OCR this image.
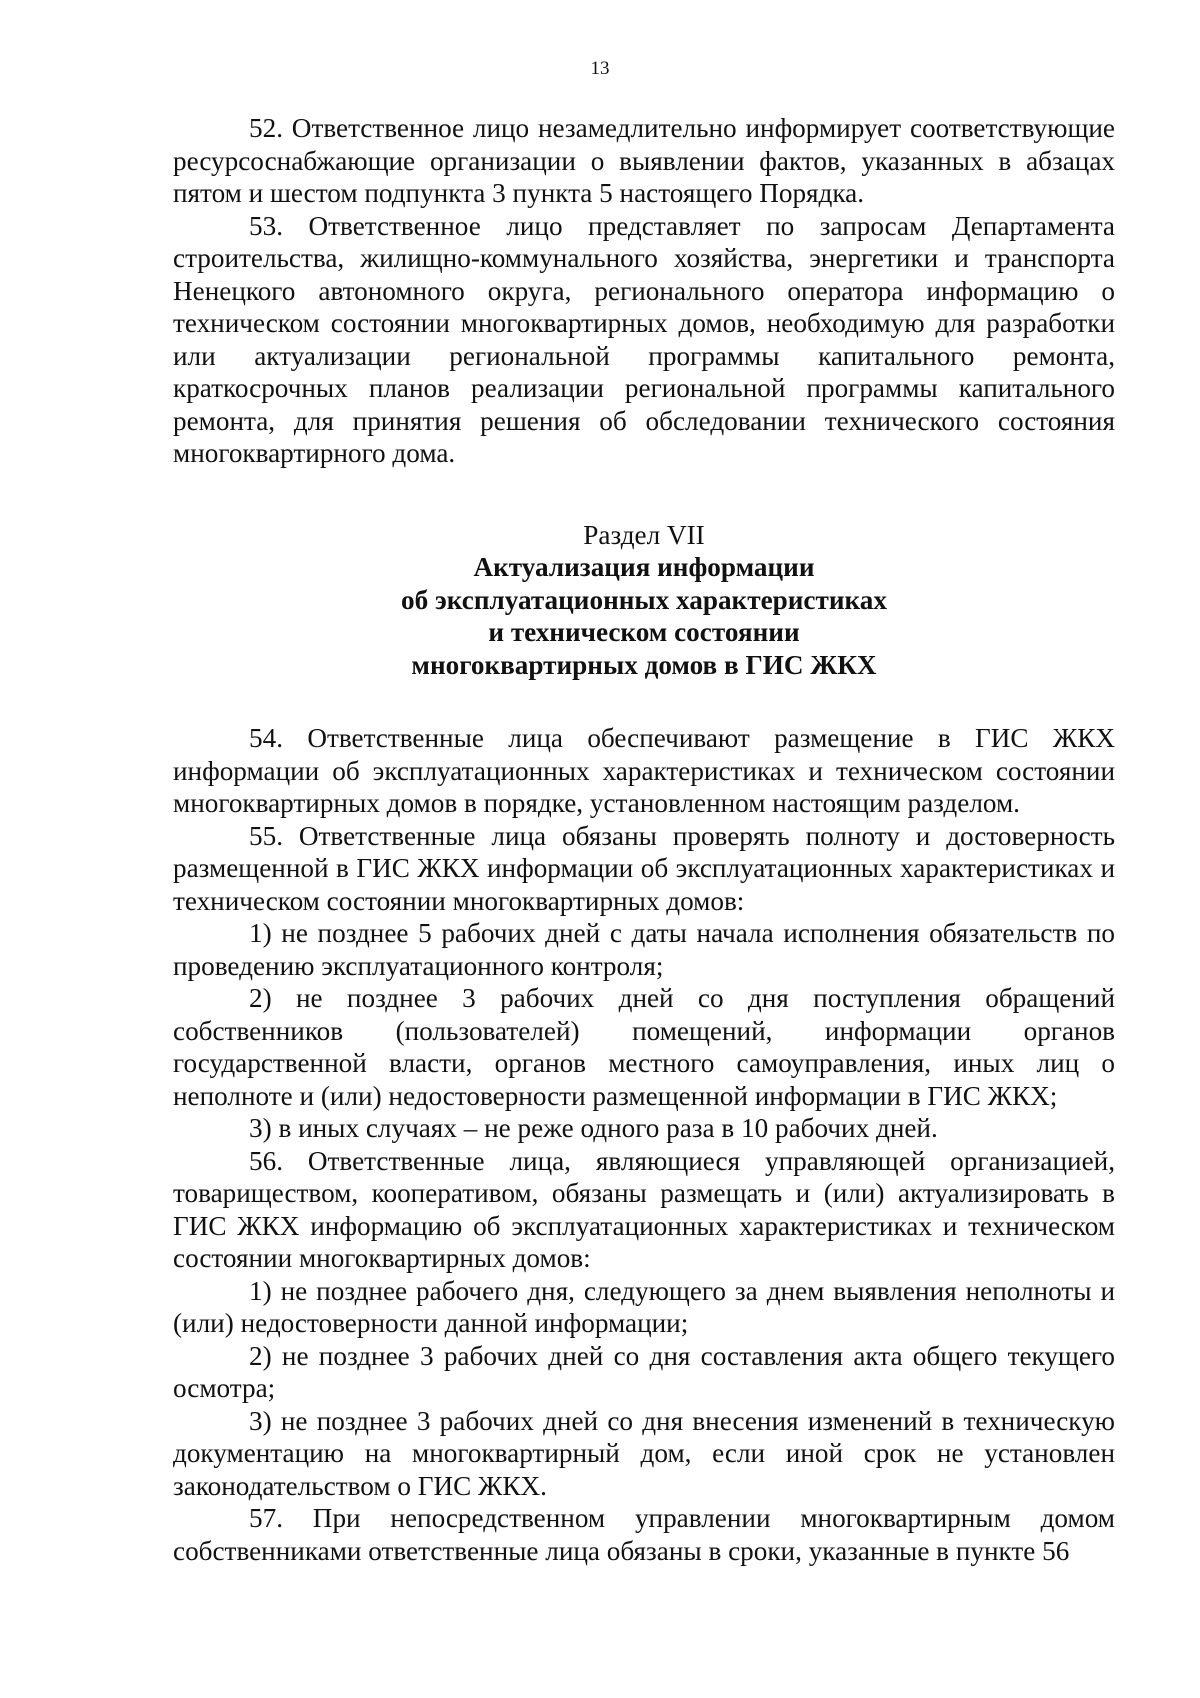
13

52. Ответственное лицо незамедлительно информирует соответствующие ресурсоснабжающие организации о выявлении фактов, указанных в абзацах пятом и шестом подпункта 3 пункта 5 настоящего Порядка.

53. Ответственное лицо представляет по запросам Департамента строительства, жилищно-коммунального хозяйства, энергетики и транспорта Ненецкого автономного округа, регионального оператора информацию о техническом состоянии многоквартирных домов, необходимую для разработки или актуализации региональной программы капитального ремонта, краткосрочных планов реализации региональной программы капитального ремонта, для принятия решения об обследовании технического состояния многоквартирного дома.

Раздел VII
Актуализация информации
об эксплуатационных характеристиках
и техническом состоянии
многоквартирных домов в ГИС ЖКХ

54. Ответственные лица обеспечивают размещение в ГИС ЖКХ информации об эксплуатационных характеристиках и техническом состоянии многоквартирных домов в порядке, установленном настоящим разделом.

55. Ответственные лица обязаны проверять полноту и достоверность размещенной в ГИС ЖКХ информации об эксплуатационных характеристиках и техническом состоянии многоквартирных домов:

1) не позднее 5 рабочих дней с даты начала исполнения обязательств по проведению эксплуатационного контроля;

2) не позднее 3 рабочих дней со дня поступления обращений собственников (пользователей) помещений, информации органов государственной власти, органов местного самоуправления, иных лиц о неполноте и (или) недостоверности размещенной информации в ГИС ЖКХ;

3) в иных случаях – не реже одного раза в 10 рабочих дней.

56. Ответственные лица, являющиеся управляющей организацией, товариществом, кооперативом, обязаны размещать и (или) актуализировать в ГИС ЖКХ информацию об эксплуатационных характеристиках и техническом состоянии многоквартирных домов:

1) не позднее рабочего дня, следующего за днем выявления неполноты и (или) недостоверности данной информации;

2) не позднее 3 рабочих дней со дня составления акта общего текущего осмотра;

3) не позднее 3 рабочих дней со дня внесения изменений в техническую документацию на многоквартирный дом, если иной срок не установлен законодательством о ГИС ЖКХ.

57. При непосредственном управлении многоквартирным домом собственниками ответственные лица обязаны в сроки, указанные в пункте 56
